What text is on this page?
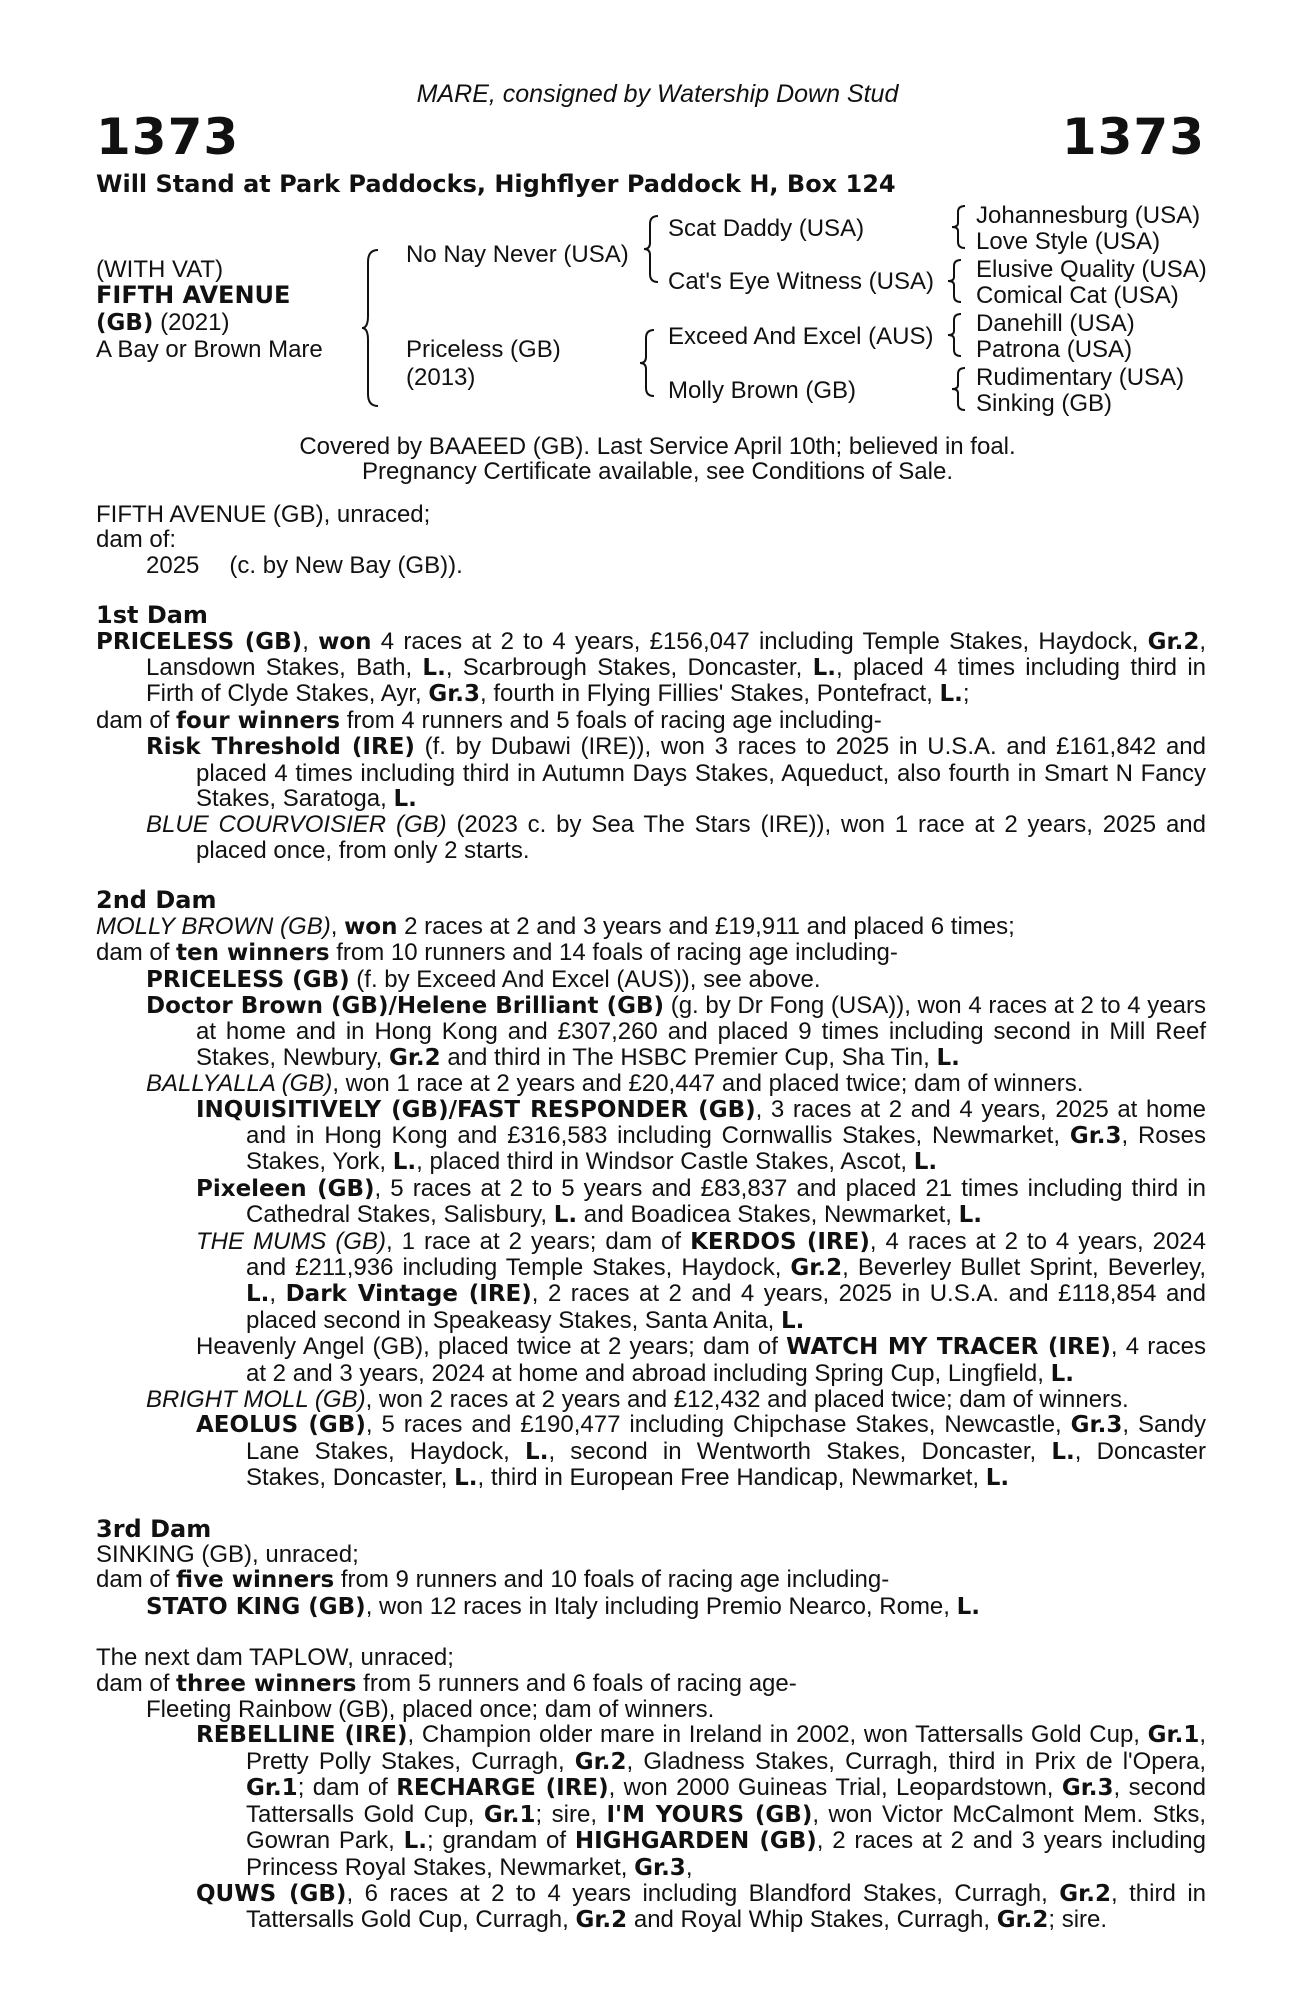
MARE, consigned by Watership Down Stud
1373	1373
Will Stand at Park Paddocks, Highflyer Paddock H, Box 124
(WITH VAT)
FIFTH AVENUE
(GB) (2021)
A Bay or Brown Mare
No Nay Never (USA)
Priceless (GB)
(2013)
Scat Daddy (USA)
Cat's Eye Witness (USA)
Exceed And Excel (AUS)
Molly Brown (GB)
Johannesburg (USA)
Love Style (USA)
Elusive Quality (USA)
Comical Cat (USA)
Danehill (USA)
Patrona (USA)
Rudimentary (USA)
Sinking (GB)
Covered by BAAEED (GB). Last Service April 10th; believed in foal.
Pregnancy Certificate available, see Conditions of Sale.

FIFTH AVENUE (GB), unraced;

dam of:

2025 (c. by New Bay (GB)).

1st Dam

PRICELESS (GB), won 4 races at 2 to 4 years, £156,047 including Temple Stakes, Haydock, Gr.2, Lansdown Stakes, Bath, L., Scarbrough Stakes, Doncaster, L., placed 4 times including third in Firth of Clyde Stakes, Ayr, Gr.3, fourth in Flying Fillies' Stakes, Pontefract, L.;

dam of four winners from 4 runners and 5 foals of racing age including-

Risk Threshold (IRE) (f. by Dubawi (IRE)), won 3 races to 2025 in U.S.A. and £161,842 and placed 4 times including third in Autumn Days Stakes, Aqueduct, also fourth in Smart N Fancy Stakes, Saratoga, L.

BLUE COURVOISIER (GB) (2023 c. by Sea The Stars (IRE)), won 1 race at 2 years, 2025 and placed once, from only 2 starts.

2nd Dam

MOLLY BROWN (GB), won 2 races at 2 and 3 years and £19,911 and placed 6 times;

dam of ten winners from 10 runners and 14 foals of racing age including-

PRICELESS (GB) (f. by Exceed And Excel (AUS)), see above.

Doctor Brown (GB)/Helene Brilliant (GB) (g. by Dr Fong (USA)), won 4 races at 2 to 4 years at home and in Hong Kong and £307,260 and placed 9 times including second in Mill Reef Stakes, Newbury, Gr.2 and third in The HSBC Premier Cup, Sha Tin, L.

BALLYALLA (GB), won 1 race at 2 years and £20,447 and placed twice; dam of winners.

INQUISITIVELY (GB)/FAST RESPONDER (GB), 3 races at 2 and 4 years, 2025 at home and in Hong Kong and £316,583 including Cornwallis Stakes, Newmarket, Gr.3, Roses Stakes, York, L., placed third in Windsor Castle Stakes, Ascot, L.

Pixeleen (GB), 5 races at 2 to 5 years and £83,837 and placed 21 times including third in Cathedral Stakes, Salisbury, L. and Boadicea Stakes, Newmarket, L.

THE MUMS (GB), 1 race at 2 years; dam of KERDOS (IRE), 4 races at 2 to 4 years, 2024 and £211,936 including Temple Stakes, Haydock, Gr.2, Beverley Bullet Sprint, Beverley, L., Dark Vintage (IRE), 2 races at 2 and 4 years, 2025 in U.S.A. and £118,854 and placed second in Speakeasy Stakes, Santa Anita, L.

Heavenly Angel (GB), placed twice at 2 years; dam of WATCH MY TRACER (IRE), 4 races at 2 and 3 years, 2024 at home and abroad including Spring Cup, Lingfield, L.

BRIGHT MOLL (GB), won 2 races at 2 years and £12,432 and placed twice; dam of winners.

AEOLUS (GB), 5 races and £190,477 including Chipchase Stakes, Newcastle, Gr.3, Sandy Lane Stakes, Haydock, L., second in Wentworth Stakes, Doncaster, L., Doncaster Stakes, Doncaster, L., third in European Free Handicap, Newmarket, L.

3rd Dam

SINKING (GB), unraced;

dam of five winners from 9 runners and 10 foals of racing age including-

STATO KING (GB), won 12 races in Italy including Premio Nearco, Rome, L.

The next dam TAPLOW, unraced;

dam of three winners from 5 runners and 6 foals of racing age-

Fleeting Rainbow (GB), placed once; dam of winners.

REBELLINE (IRE), Champion older mare in Ireland in 2002, won Tattersalls Gold Cup, Gr.1, Pretty Polly Stakes, Curragh, Gr.2, Gladness Stakes, Curragh, third in Prix de l'Opera, Gr.1; dam of RECHARGE (IRE), won 2000 Guineas Trial, Leopardstown, Gr.3, second Tattersalls Gold Cup, Gr.1; sire, I'M YOURS (GB), won Victor McCalmont Mem. Stks, Gowran Park, L.; grandam of HIGHGARDEN (GB), 2 races at 2 and 3 years including Princess Royal Stakes, Newmarket, Gr.3,

QUWS (GB), 6 races at 2 to 4 years including Blandford Stakes, Curragh, Gr.2, third in Tattersalls Gold Cup, Curragh, Gr.2 and Royal Whip Stakes, Curragh, Gr.2; sire.
